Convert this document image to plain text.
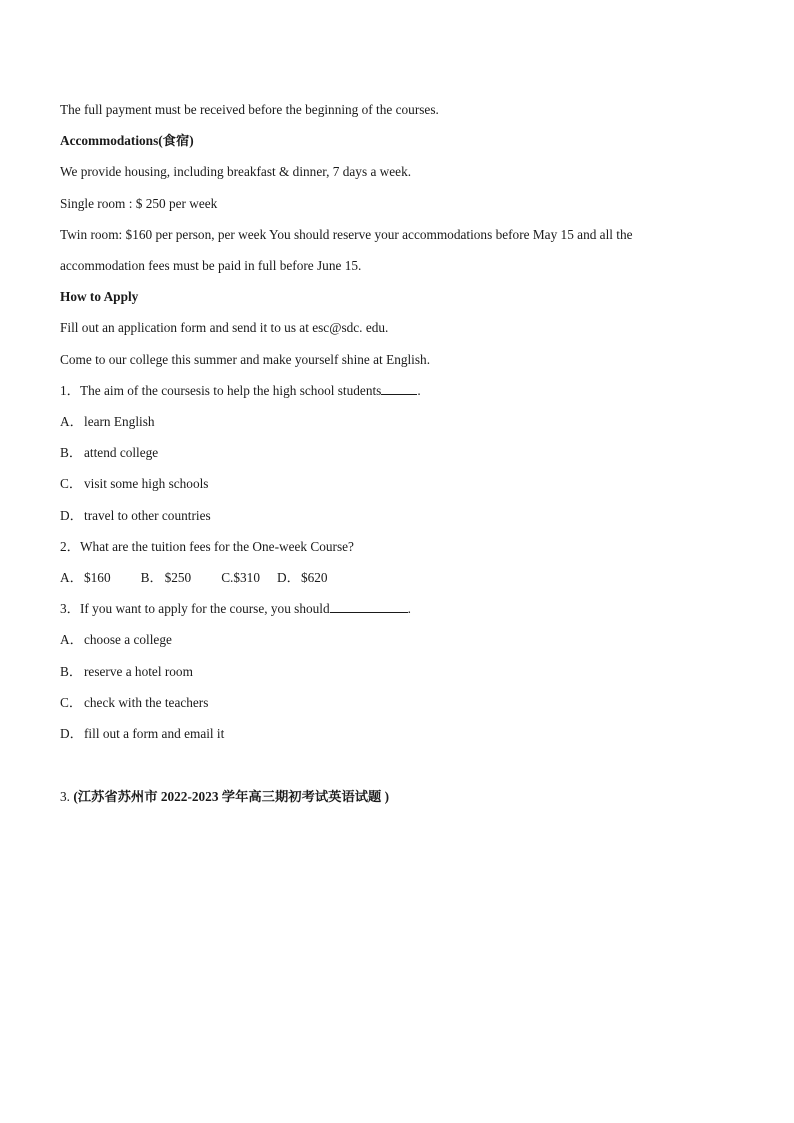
The full payment must be received before the beginning of the courses.
Accommodations(食宿)
We provide housing, including breakfast & dinner, 7 days a week.
Single room : $ 250 per week
Twin room: $160 per person, per week You should reserve your accommodations before May 15 and all the
accommodation fees must be paid in full before June 15.
How to Apply
Fill out an application form and send it to us at esc@sdc. edu.
Come to our college this summer and make yourself shine at English.
1．The aim of the coursesis to help the high school students	.
A．learn English
B． attend college
C． visit some high schools
D．travel to other countries
2．What are the tuition fees for the One-week Course?
A．$160 B． $250 C.$310 D．$620
3．If you want to apply for the course, you should	.
A．choose a college
B． reserve a hotel room
C． check with the teachers
D．fill out a form and email it
3. (江苏省苏州市 2022-2023 学年高三期初考试英语试题 )
